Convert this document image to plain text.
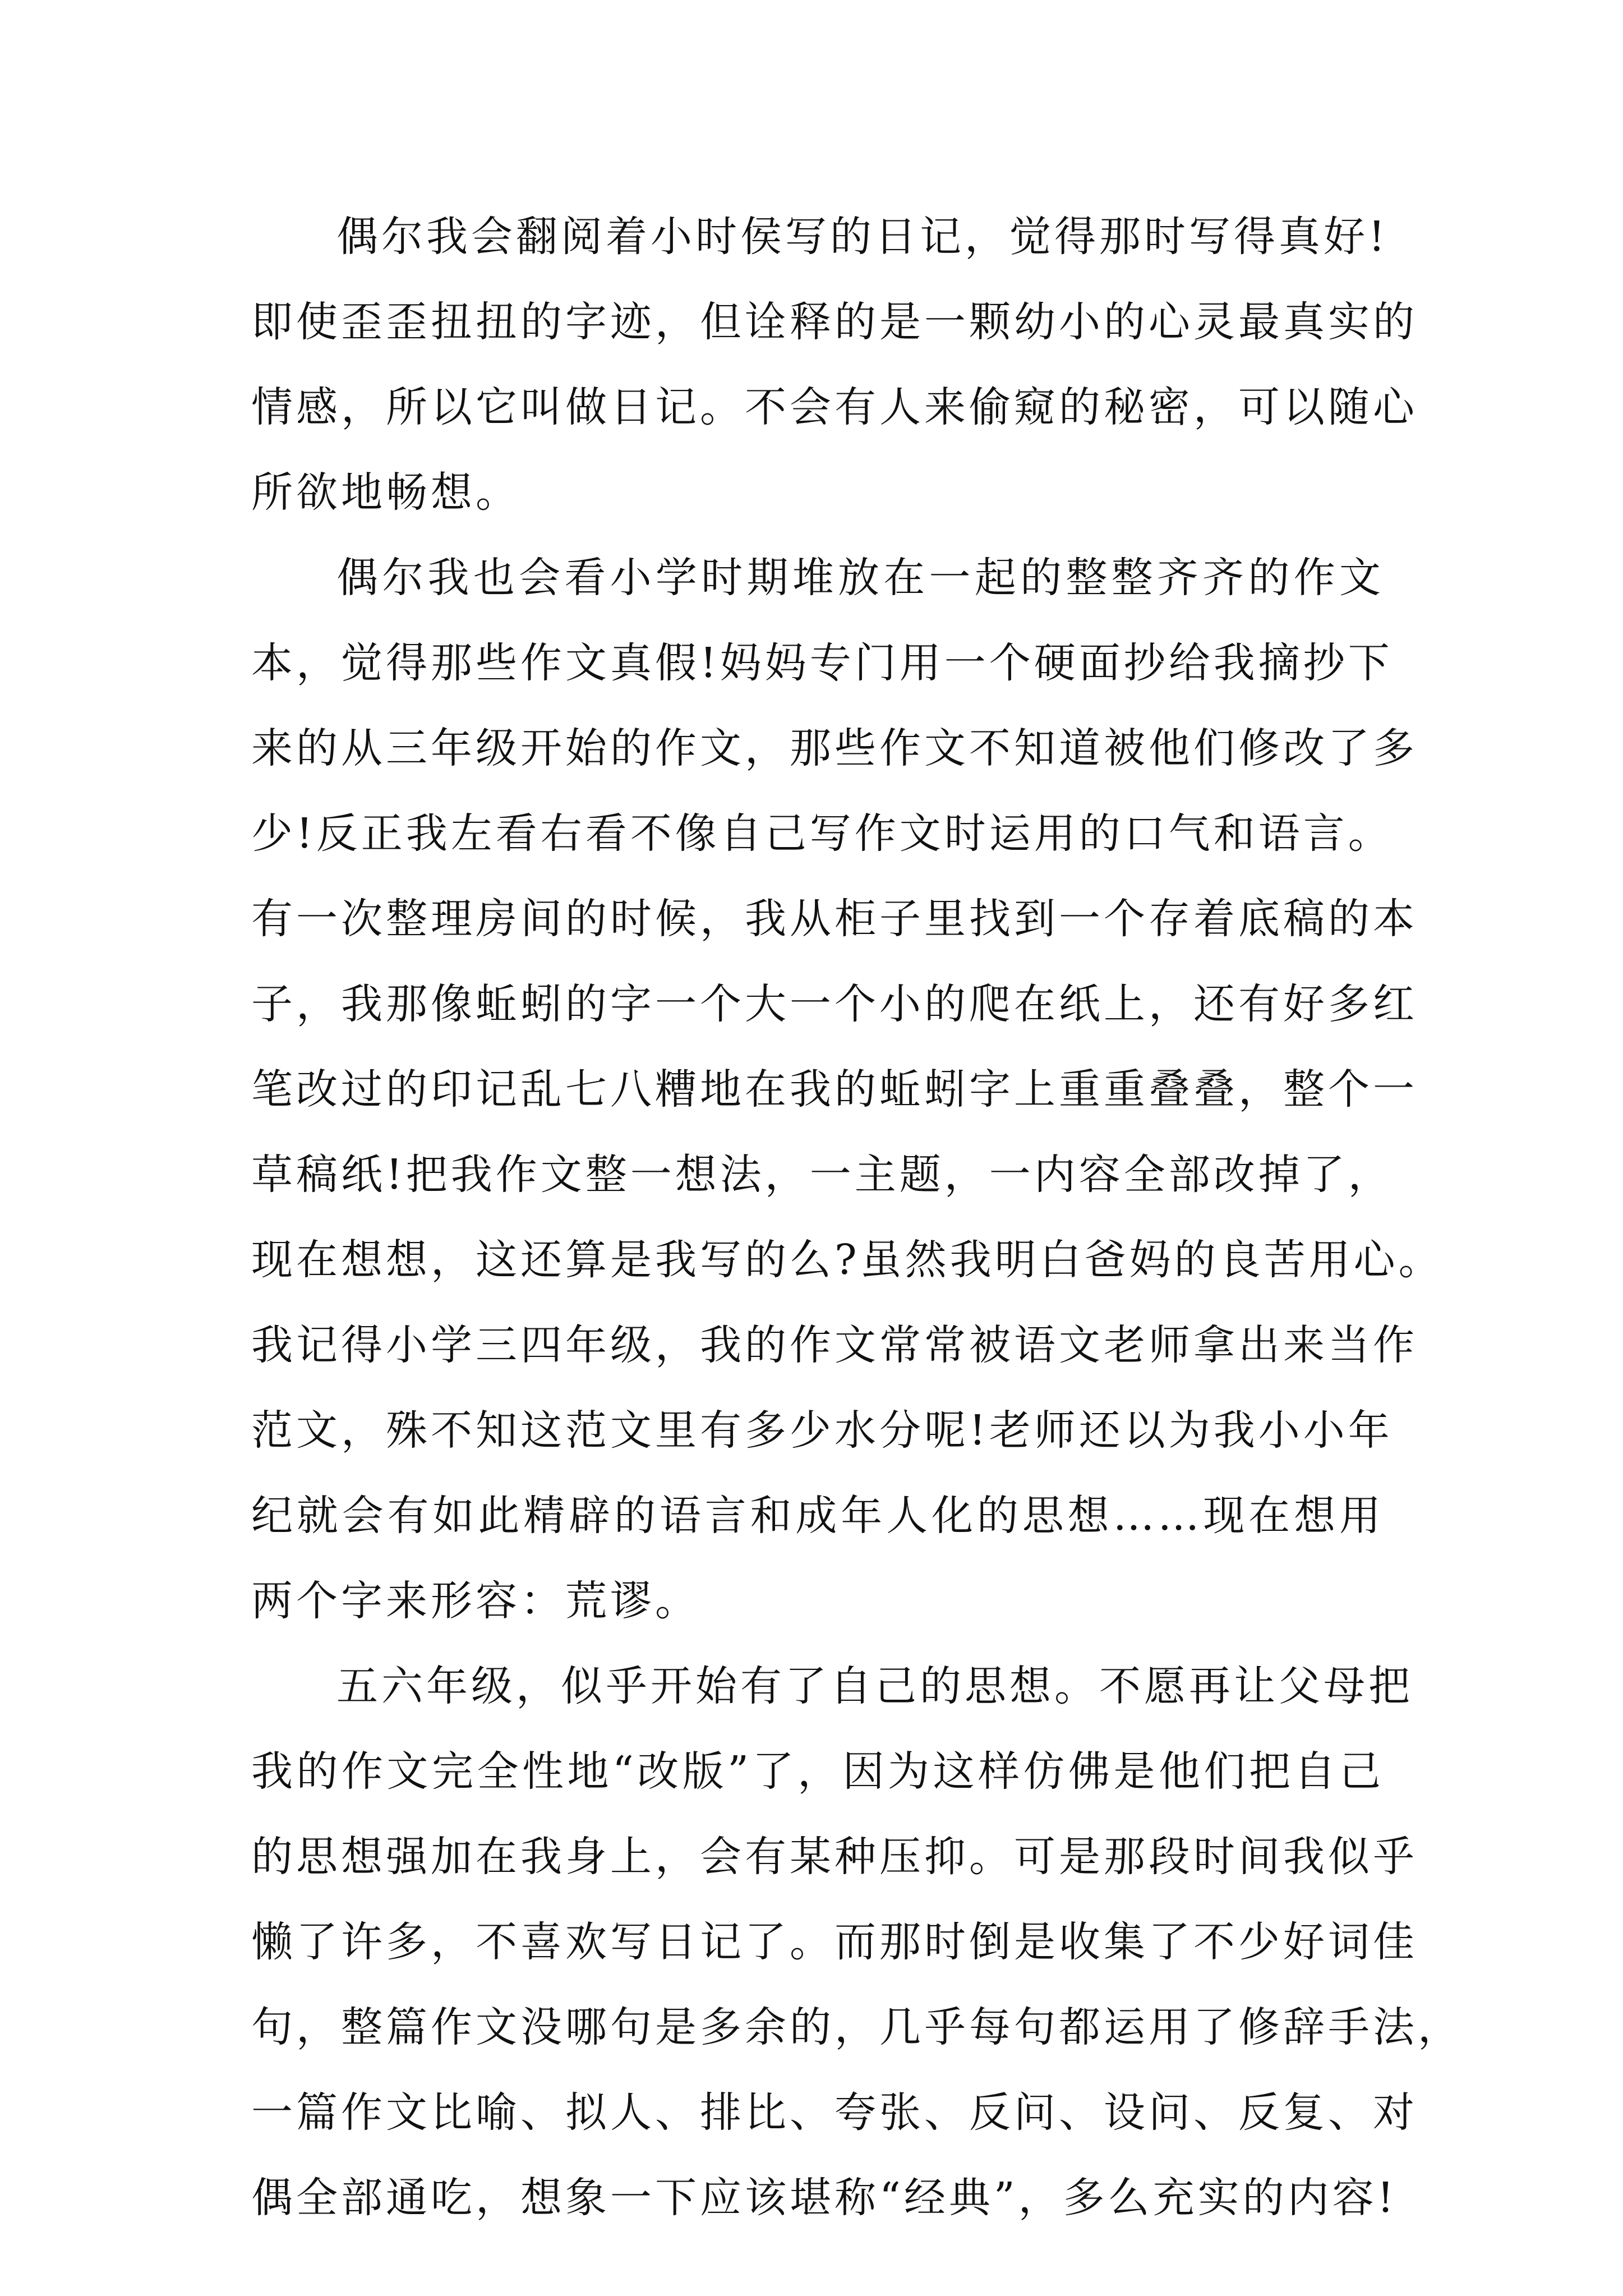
偶尔我会翻阅着小时侯写的日记，觉得那时写得真好!
即使歪歪扭扭的字迹，但诠释的是一颗幼小的心灵最真实的
情感，所以它叫做日记。不会有人来偷窥的秘密，可以随心
所欲地畅想。
偶尔我也会看小学时期堆放在一起的整整齐齐的作文
本，觉得那些作文真假!妈妈专门用一个硬面抄给我摘抄下
来的从三年级开始的作文，那些作文不知道被他们修改了多
少!反正我左看右看不像自己写作文时运用的口气和语言。
有一次整理房间的时候，我从柜子里找到一个存着底稿的本
子，我那像蚯蚓的字一个大一个小的爬在纸上，还有好多红
笔改过的印记乱七八糟地在我的蚯蚓字上重重叠叠，整个一
草稿纸!把我作文整一想法，一主题，一内容全部改掉了，
现在想想，这还算是我写的么?虽然我明白爸妈的良苦用心。
我记得小学三四年级，我的作文常常被语文老师拿出来当作
范文，殊不知这范文里有多少水分呢!老师还以为我小小年
纪就会有如此精辟的语言和成年人化的思想……现在想用
两个字来形容：荒谬。
五六年级，似乎开始有了自己的思想。不愿再让父母把
我的作文完全性地“改版”了，因为这样仿佛是他们把自己
的思想强加在我身上，会有某种压抑。可是那段时间我似乎
懒了许多，不喜欢写日记了。而那时倒是收集了不少好词佳
句，整篇作文没哪句是多余的，几乎每句都运用了修辞手法，
一篇作文比喻、拟人、排比、夸张、反问、设问、反复、对
偶全部通吃，想象一下应该堪称“经典”，多么充实的内容!
